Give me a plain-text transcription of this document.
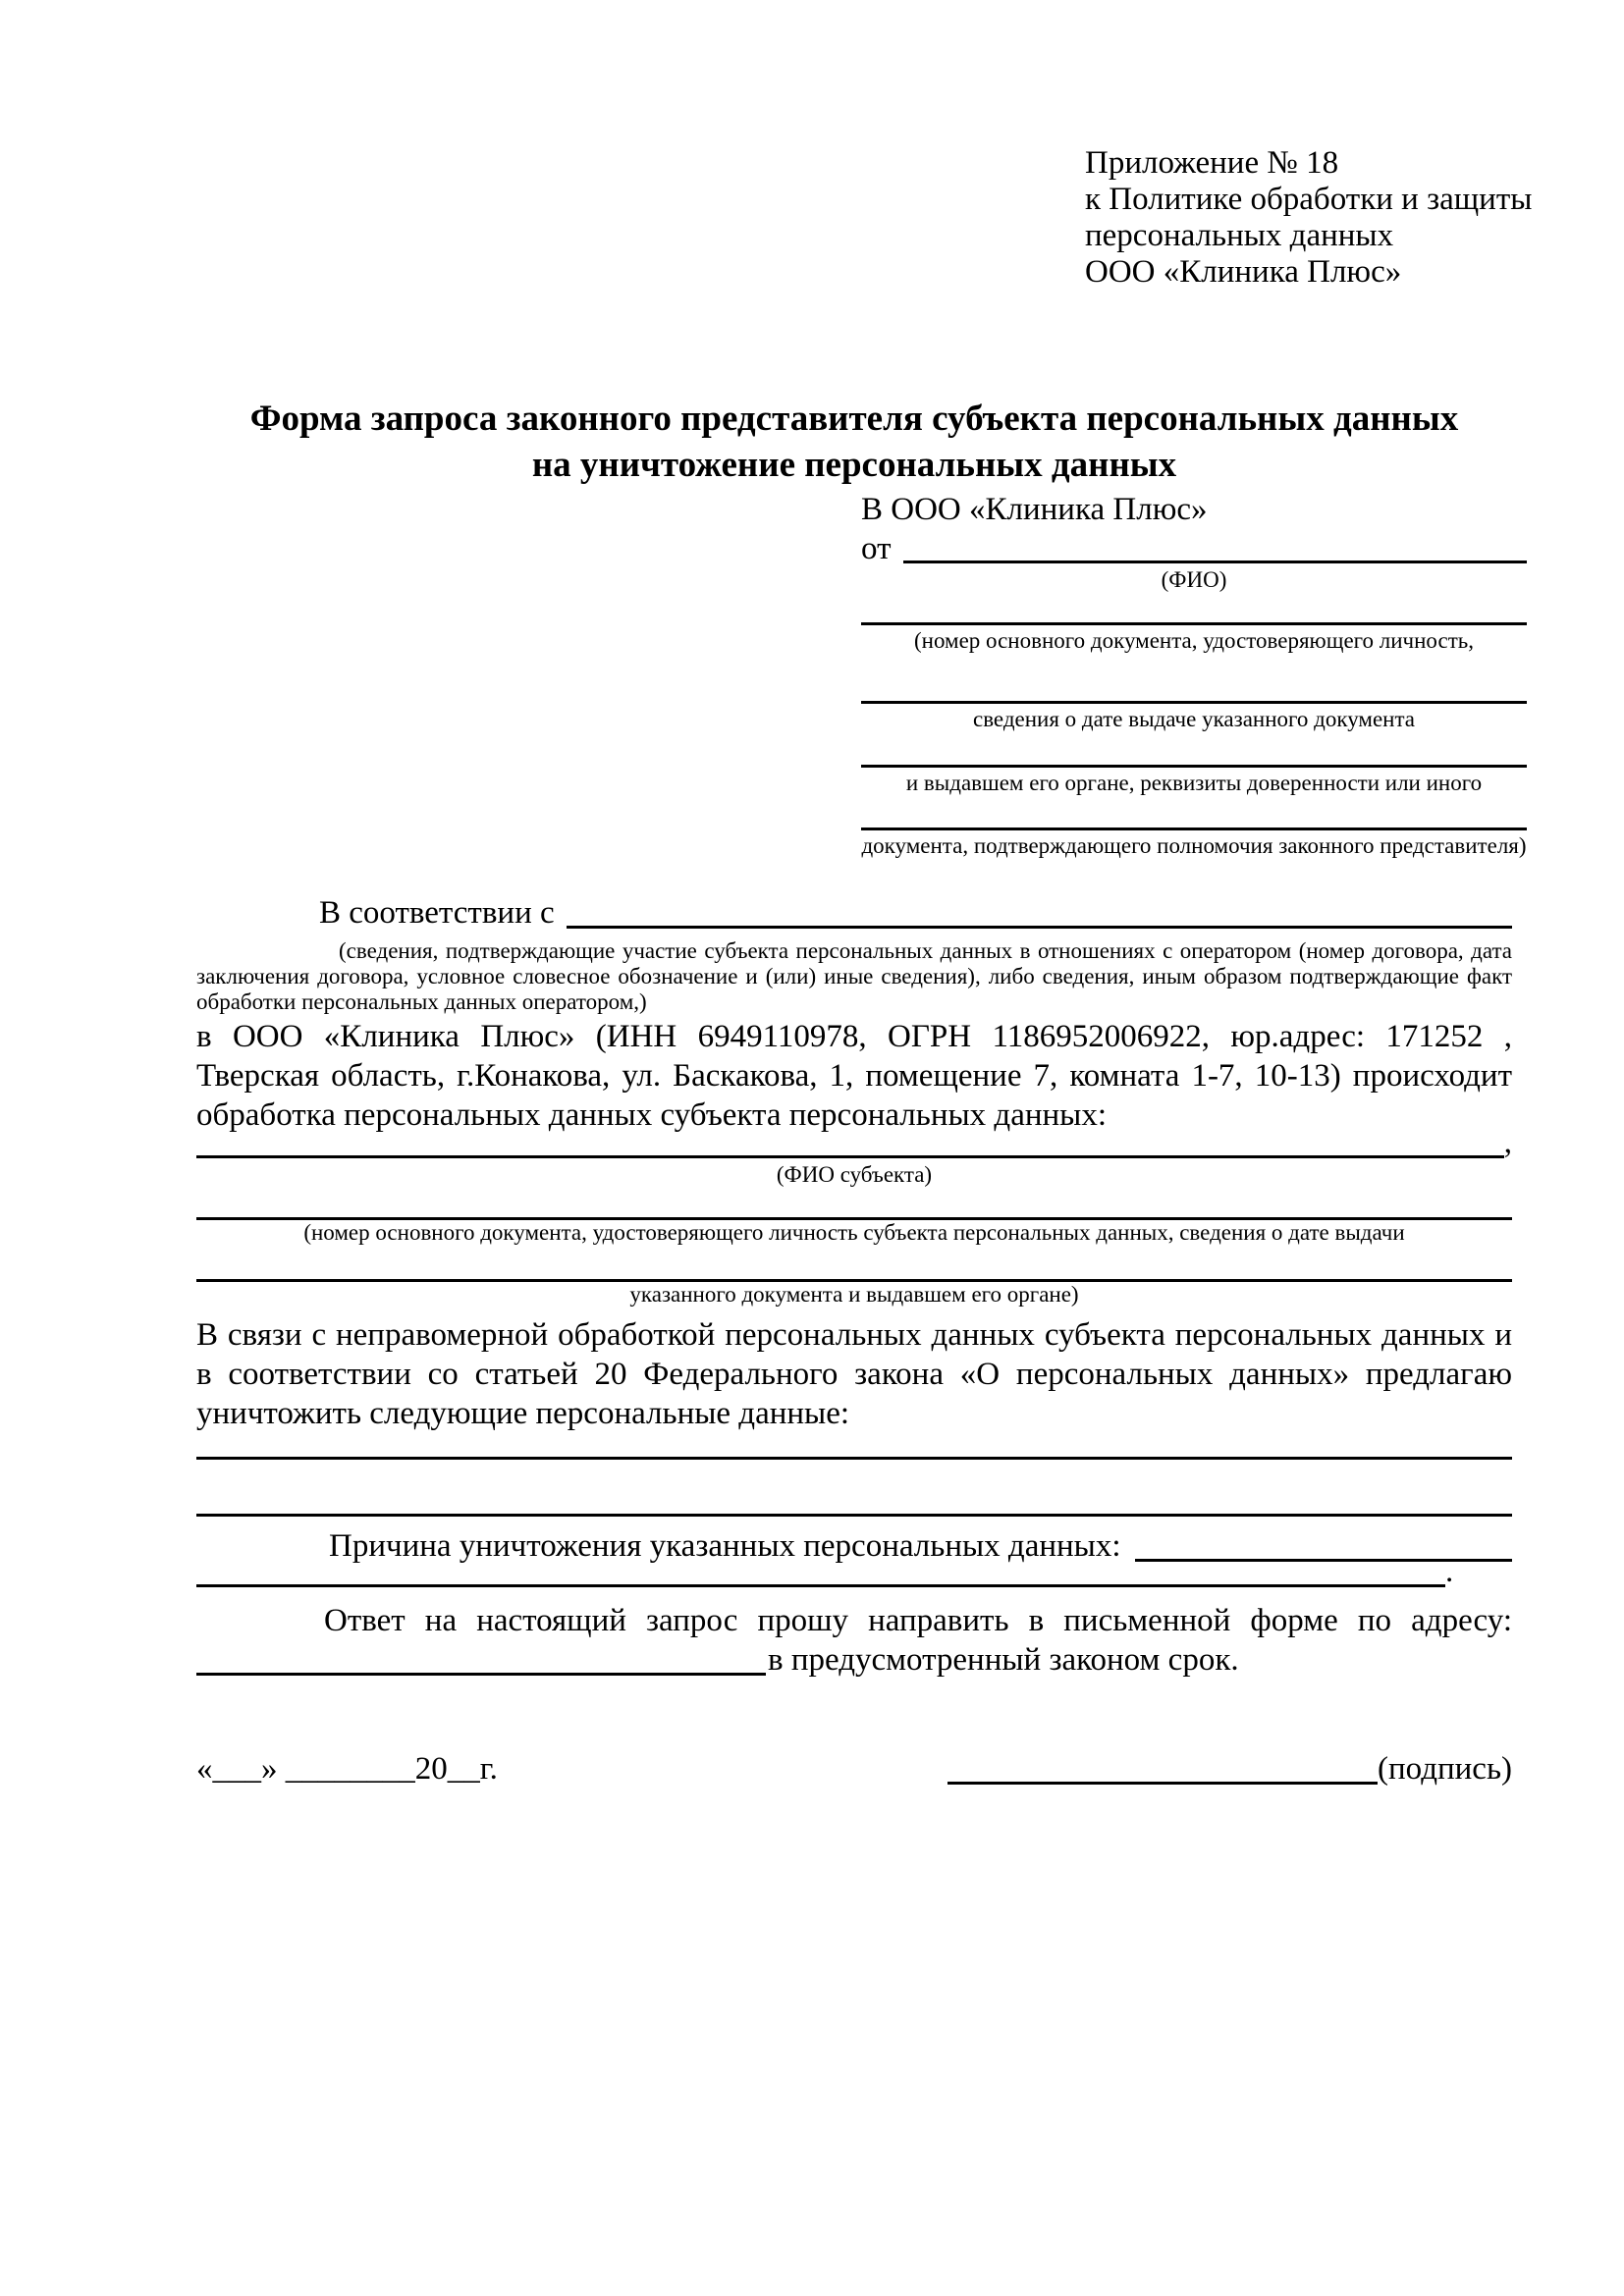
Приложение № 18
к Политике обработки и защиты
персональных данных
ООО «Клиника Плюс»
Форма запроса законного представителя субъекта персональных данных
на уничтожение персональных данных
В ООО «Клиника Плюс»
от
(ФИО)
(номер основного документа, удостоверяющего личность,
сведения о дате выдаче указанного документа
и выдавшем его органе, реквизиты доверенности или иного
документа, подтверждающего полномочия законного представителя)
В соответствии с
(сведения, подтверждающие участие субъекта персональных данных в отношениях с оператором (номер договора, дата заключения договора, условное словесное обозначение и (или) иные сведения), либо сведения, иным образом подтверждающие факт обработки персональных данных оператором,)
в ООО «Клиника Плюс» (ИНН 6949110978, ОГРН 1186952006922, юр.адрес: 171252 , Тверская область, г.Конакова, ул. Баскакова, 1, помещение 7, комната 1-7, 10-13) происходит обработка персональных данных субъекта персональных данных:
,
(ФИО субъекта)
(номер основного документа, удостоверяющего личность субъекта персональных данных, сведения о дате выдачи
указанного документа и выдавшем его органе)
В связи с неправомерной обработкой персональных данных субъекта персональных данных и в соответствии со статьей 20 Федерального закона «О персональных данных» предлагаю уничтожить следующие персональные данные:
Причина уничтожения указанных персональных данных:
.
Ответ на настоящий запрос прошу направить в письменной форме по адресу:
в предусмотренный законом срок.
«___» ________20__г.	(подпись)
